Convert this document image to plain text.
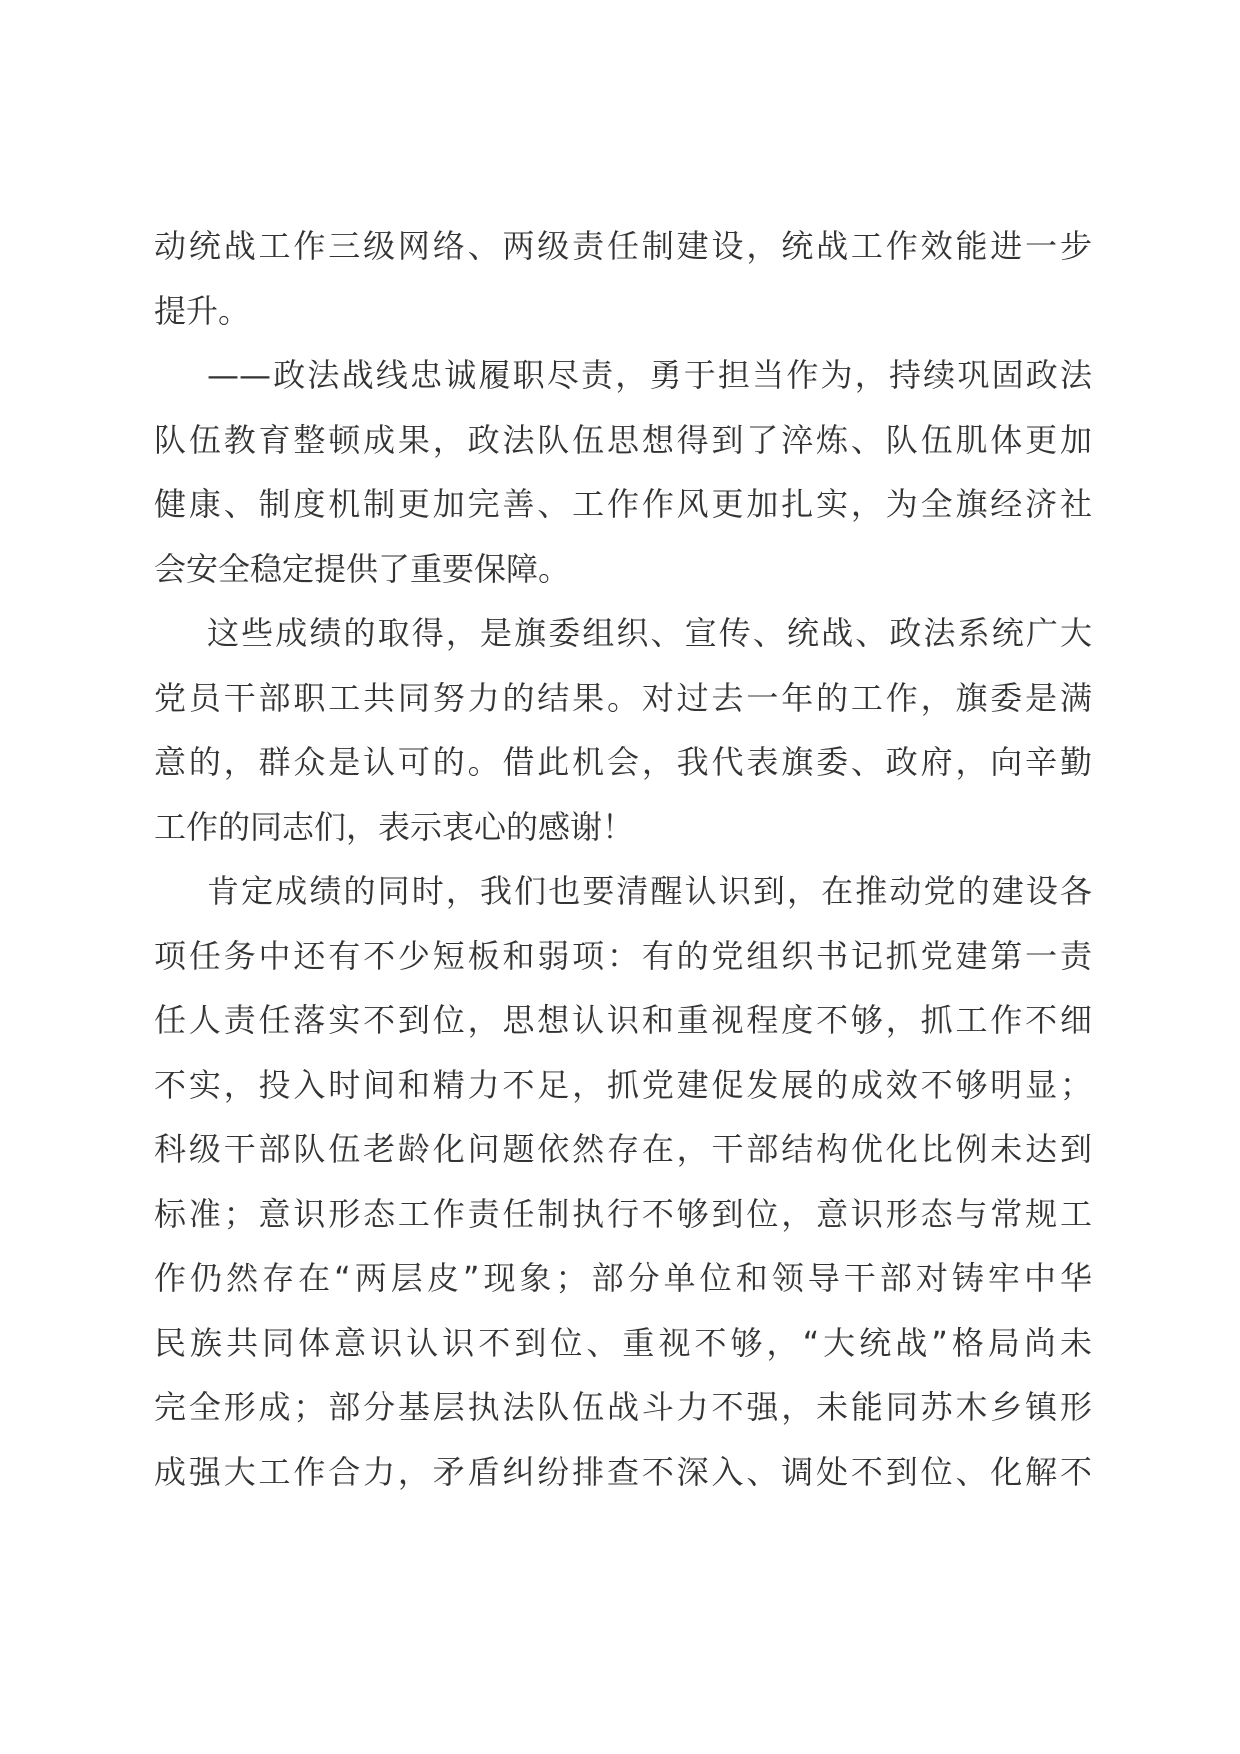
动统战工作三级网络、两级责任制建设，统战工作效能进一步
提升。
——政法战线忠诚履职尽责，勇于担当作为，持续巩固政法
队伍教育整顿成果，政法队伍思想得到了淬炼、队伍肌体更加
健康、制度机制更加完善、工作作风更加扎实，为全旗经济社
会安全稳定提供了重要保障。
这些成绩的取得，是旗委组织、宣传、统战、政法系统广大
党员干部职工共同努力的结果。对过去一年的工作，旗委是满
意的，群众是认可的。借此机会，我代表旗委、政府，向辛勤
工作的同志们，表示衷心的感谢！
肯定成绩的同时，我们也要清醒认识到，在推动党的建设各
项任务中还有不少短板和弱项：有的党组织书记抓党建第一责
任人责任落实不到位，思想认识和重视程度不够，抓工作不细
不实，投入时间和精力不足，抓党建促发展的成效不够明显；
科级干部队伍老龄化问题依然存在，干部结构优化比例未达到
标准；意识形态工作责任制执行不够到位，意识形态与常规工
作仍然存在“两层皮”现象；部分单位和领导干部对铸牢中华
民族共同体意识认识不到位、重视不够，“大统战”格局尚未
完全形成；部分基层执法队伍战斗力不强，未能同苏木乡镇形
成强大工作合力，矛盾纠纷排查不深入、调处不到位、化解不
